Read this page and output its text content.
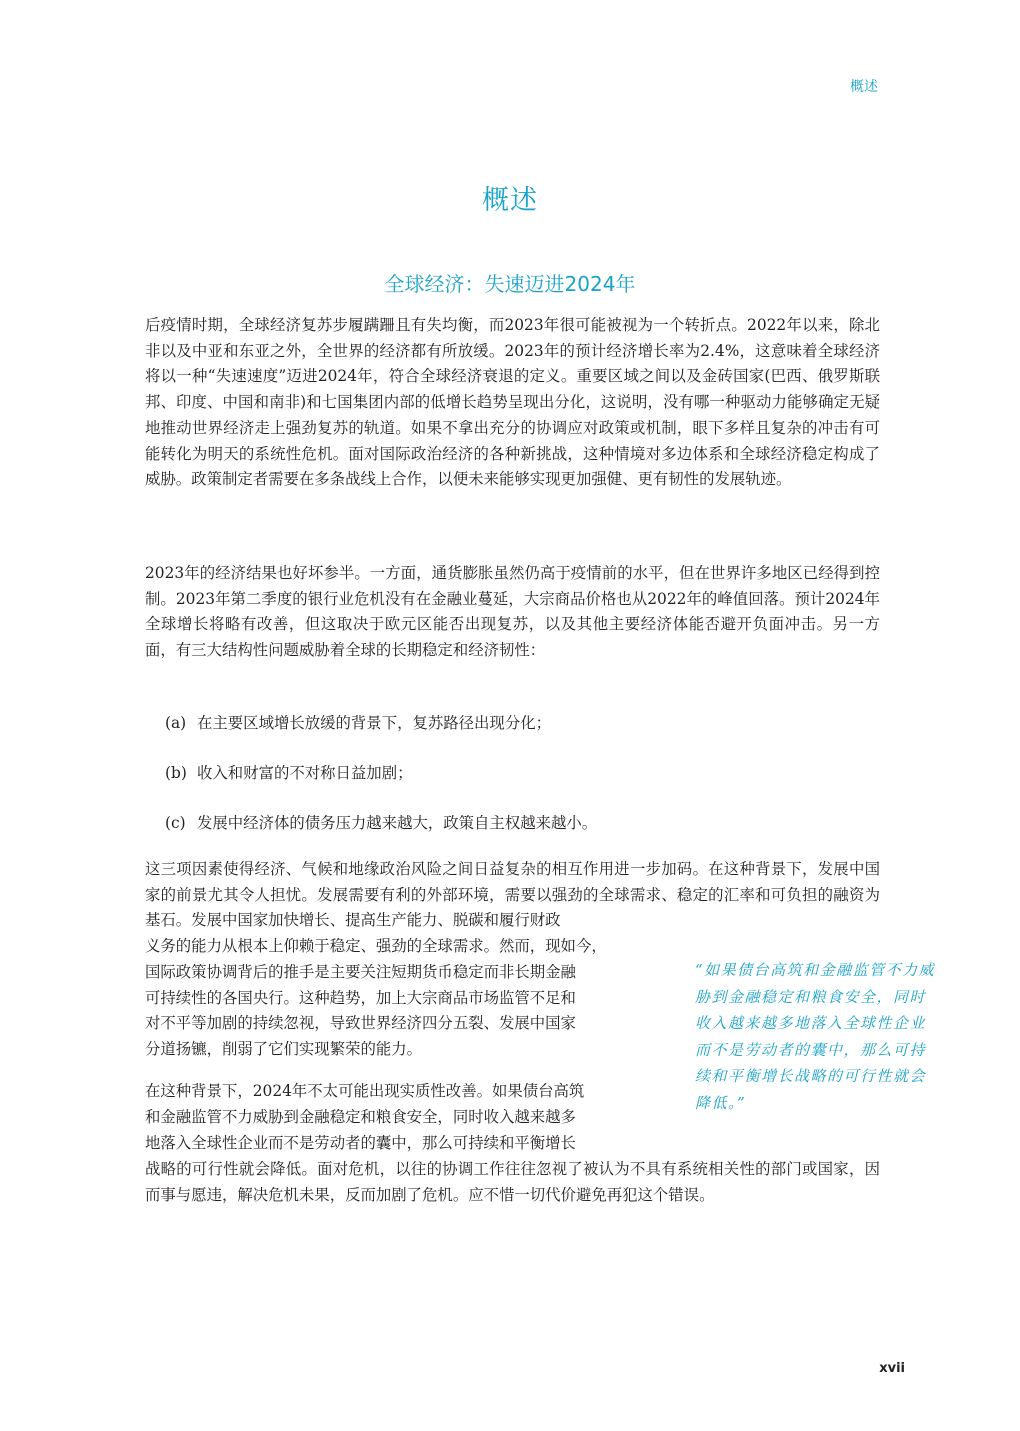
概述
概述
全球经济：失速迈进2024年

后疫情时期，全球经济复苏步履蹒跚且有失均衡，而2023年很可能被视为一个转折点。2022年以来，除北非以及中亚和东亚之外，全世界的经济都有所放缓。2023年的预计经济增长率为2.4%，这意味着全球经济将以一种“失速速度”迈进2024年，符合全球经济衰退的定义。重要区域之间以及金砖国家(巴西、俄罗斯联邦、印度、中国和南非)和七国集团内部的低增长趋势呈现出分化，这说明，没有哪一种驱动力能够确定无疑地推动世界经济走上强劲复苏的轨道。如果不拿出充分的协调应对政策或机制，眼下多样且复杂的冲击有可能转化为明天的系统性危机。面对国际政治经济的各种新挑战，这种情境对多边体系和全球经济稳定构成了威胁。政策制定者需要在多条战线上合作，以便未来能够实现更加强健、更有韧性的发展轨迹。

2023年的经济结果也好坏参半。一方面，通货膨胀虽然仍高于疫情前的水平，但在世界许多地区已经得到控制。2023年第二季度的银行业危机没有在金融业蔓延，大宗商品价格也从2022年的峰值回落。预计2024年全球增长将略有改善，但这取决于欧元区能否出现复苏，以及其他主要经济体能否避开负面冲击。另一方面，有三大结构性问题威胁着全球的长期稳定和经济韧性：

(a) 在主要区域增长放缓的背景下，复苏路径出现分化；
(b) 收入和财富的不对称日益加剧；
(c) 发展中经济体的债务压力越来越大，政策自主权越来越小。

这三项因素使得经济、气候和地缘政治风险之间日益复杂的相互作用进一步加码。在这种背景下，发展中国家的前景尤其令人担忧。发展需要有利的外部环境，需要以强劲的全球需求、稳定的汇率和可负担的融资为基石。发展中国家加快增长、提高生产能力、脱碳和履行财政

义务的能力从根本上仰赖于稳定、强劲的全球需求。然而，现如今，
国际政策协调背后的推手是主要关注短期货币稳定而非长期金融
可持续性的各国央行。这种趋势，加上大宗商品市场监管不足和
对不平等加剧的持续忽视，导致世界经济四分五裂、发展中国家
分道扬镳，削弱了它们实现繁荣的能力。
在这种背景下，2024年不太可能出现实质性改善。如果债台高筑
和金融监管不力威胁到金融稳定和粮食安全，同时收入越来越多
地落入全球性企业而不是劳动者的囊中，那么可持续和平衡增长

战略的可行性就会降低。面对危机，以往的协调工作往往忽视了被认为不具有系统相关性的部门或国家，因而事与愿违，解决危机未果，反而加剧了危机。应不惜一切代价避免再犯这个错误。

“如果债台高筑和金融监管不力威胁到金融稳定和粮食安全，同时收入越来越多地落入全球性企业而不是劳动者的囊中，那么可持续和平衡增长战略的可行性就会降低。”
xvii
